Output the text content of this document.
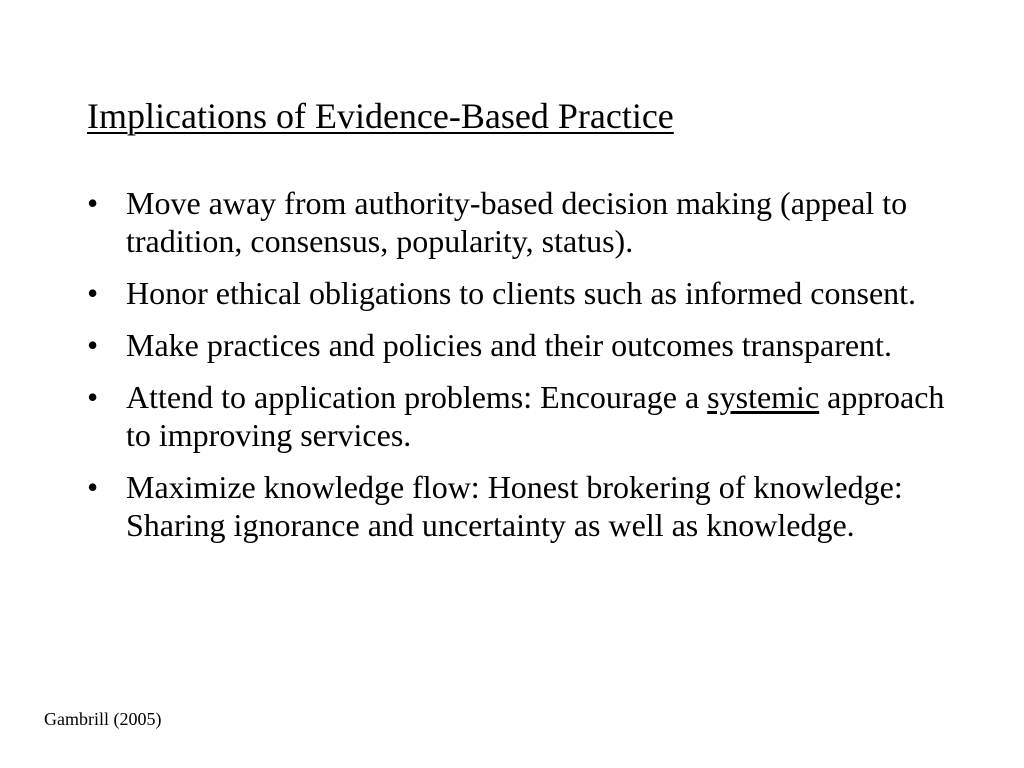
Implications of Evidence-Based Practice
• Move away from authority-based decision making (appeal to tradition, consensus, popularity, status).
• Honor ethical obligations to clients such as informed consent.
• Make practices and policies and their outcomes transparent.
• Attend to application problems: Encourage a systemic approach to improving services.
• Maximize knowledge flow: Honest brokering of knowledge: Sharing ignorance and uncertainty as well as knowledge.

Gambrill (2005)
